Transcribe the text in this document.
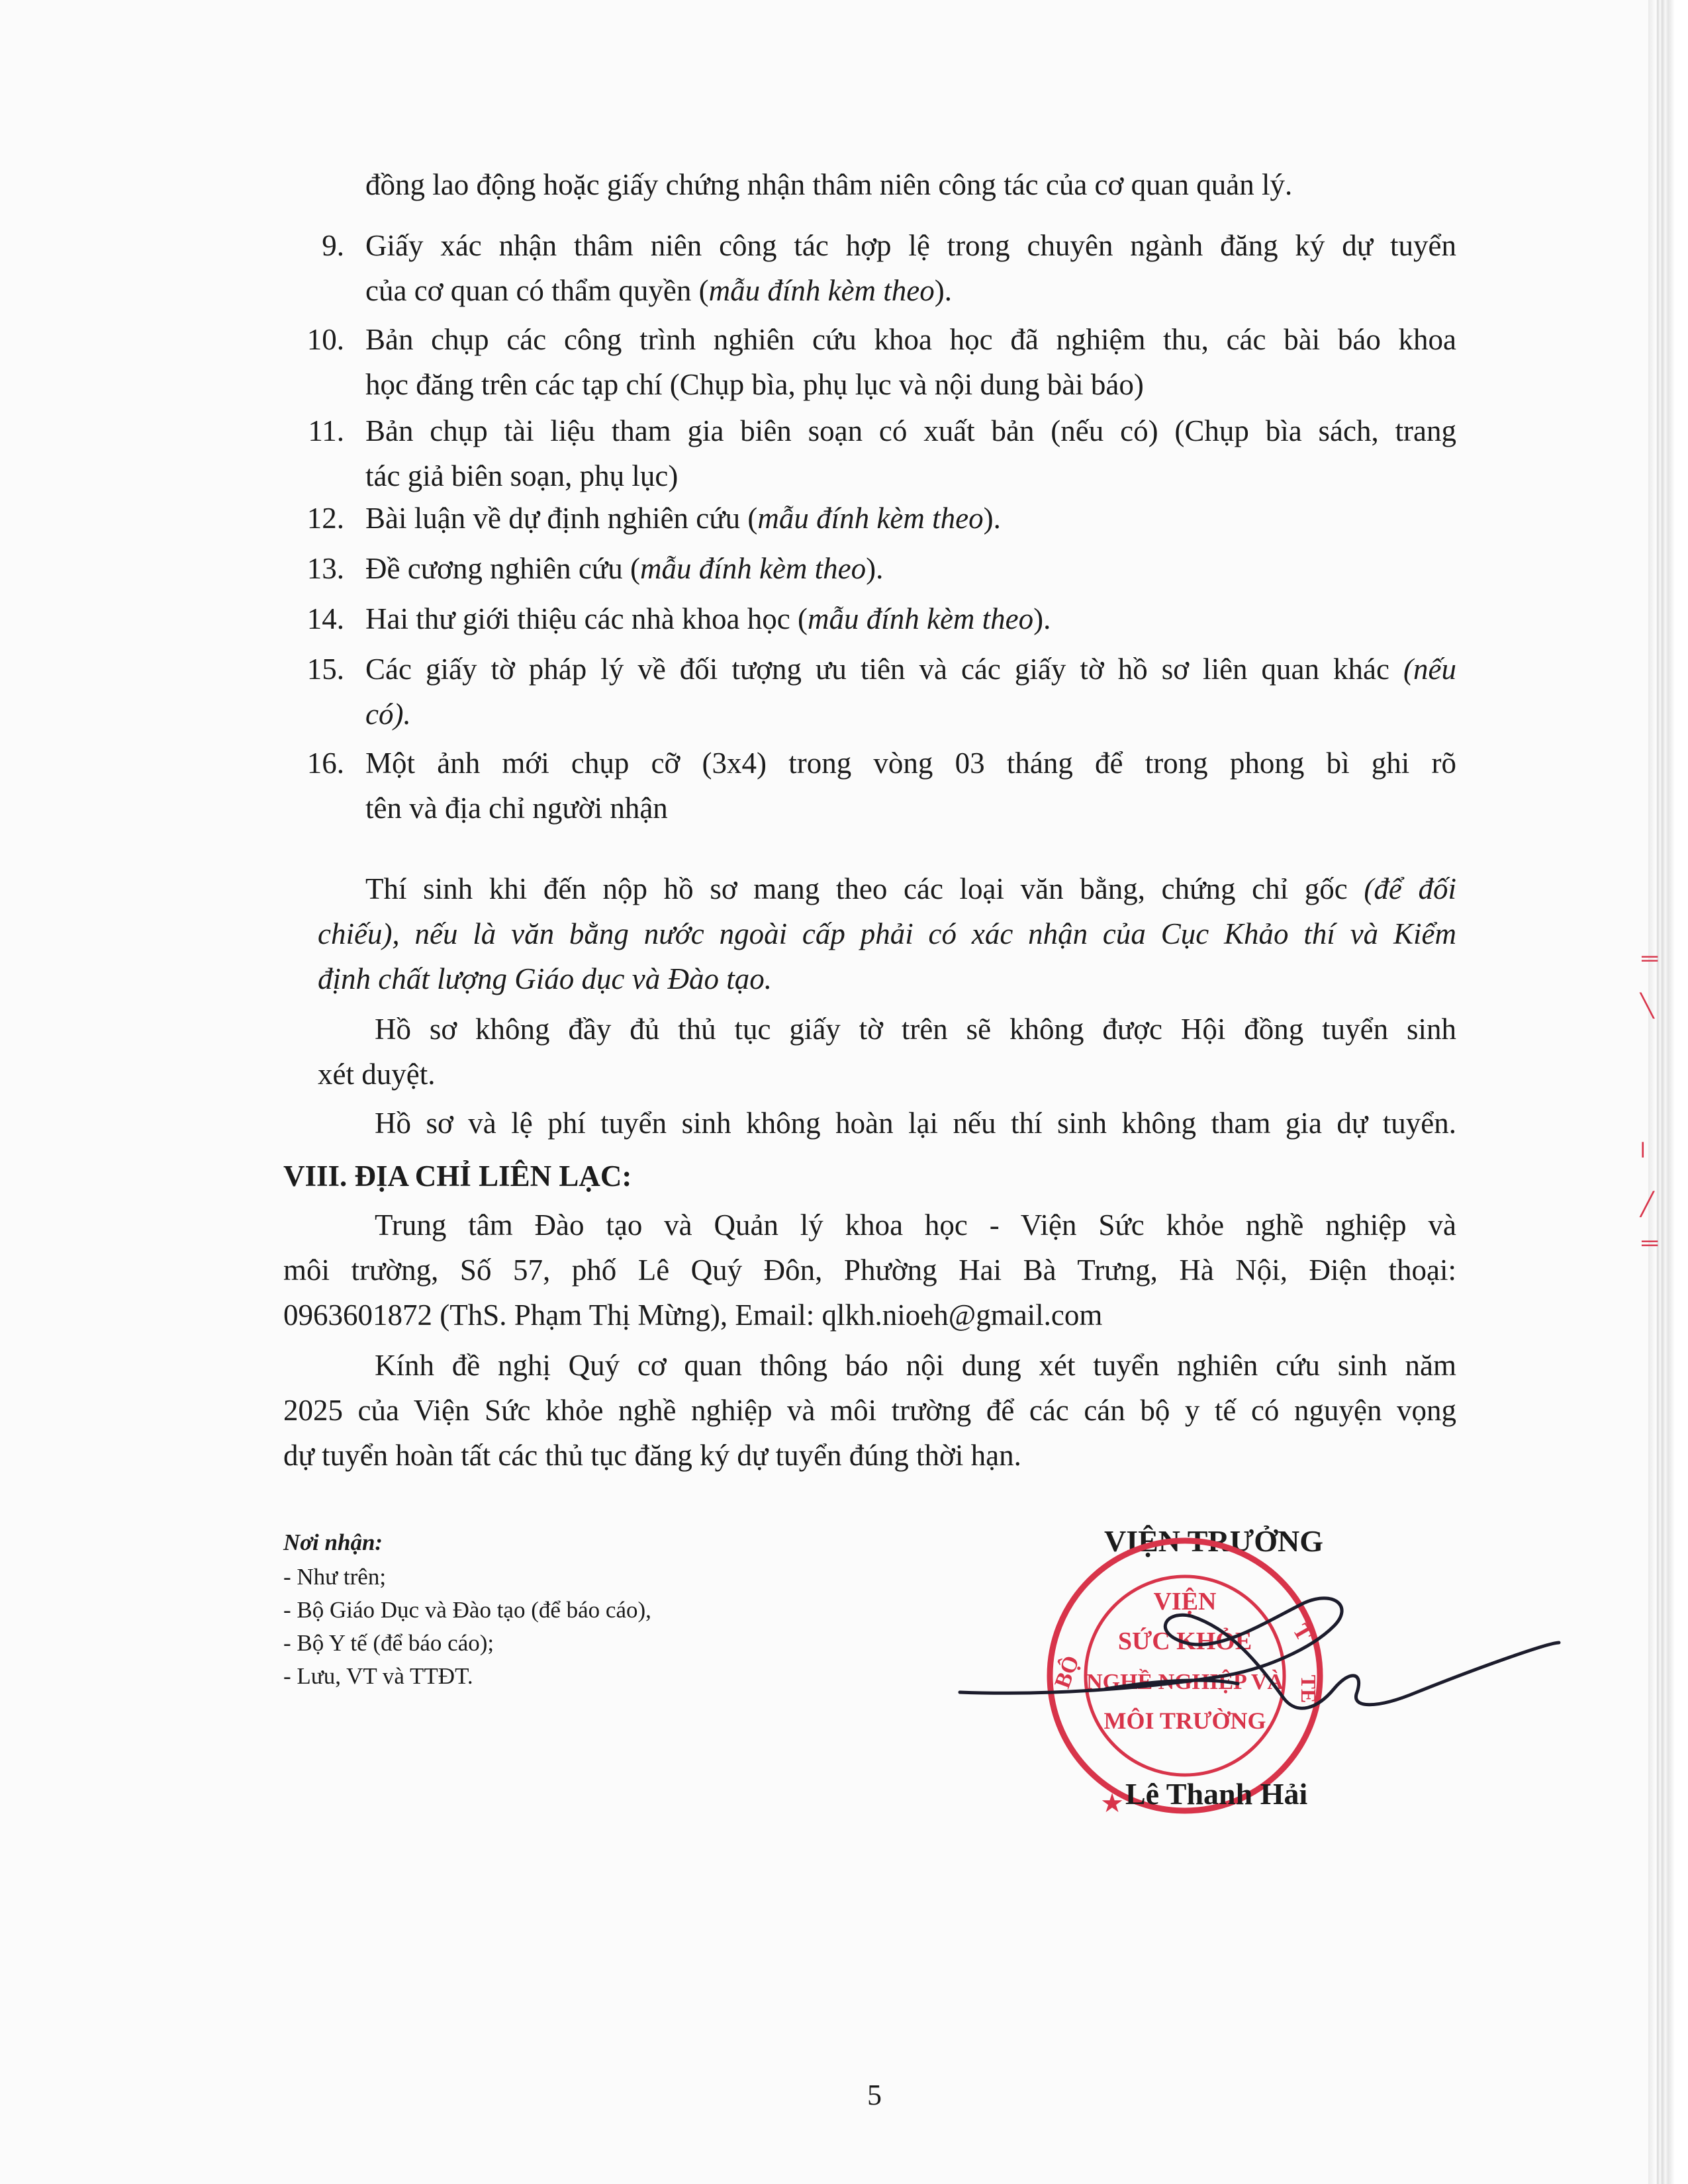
đồng lao động hoặc giấy chứng nhận thâm niên công tác của cơ quan quản lý.
9. Giấy xác nhận thâm niên công tác hợp lệ trong chuyên ngành đăng ký dự tuyển
của cơ quan có thẩm quyền (mẫu đính kèm theo).
10. Bản chụp các công trình nghiên cứu khoa học đã nghiệm thu, các bài báo khoa
học đăng trên các tạp chí (Chụp bìa, phụ lục và nội dung bài báo)
11. Bản chụp tài liệu tham gia biên soạn có xuất bản (nếu có) (Chụp bìa sách, trang
tác giả biên soạn, phụ lục)
12. Bài luận về dự định nghiên cứu (mẫu đính kèm theo).
13. Đề cương nghiên cứu (mẫu đính kèm theo).
14. Hai thư giới thiệu các nhà khoa học (mẫu đính kèm theo).
15. Các giấy tờ pháp lý về đối tượng ưu tiên và các giấy tờ hồ sơ liên quan khác (nếu
có).
16. Một ảnh mới chụp cỡ (3x4) trong vòng 03 tháng để trong phong bì ghi rõ
tên và địa chỉ người nhận
Thí sinh khi đến nộp hồ sơ mang theo các loại văn bằng, chứng chỉ gốc (để đối
chiếu), nếu là văn bằng nước ngoài cấp phải có xác nhận của Cục Khảo thí và Kiểm
định chất lượng Giáo dục và Đào tạo.
Hồ sơ không đầy đủ thủ tục giấy tờ trên sẽ không được Hội đồng tuyển sinh
xét duyệt.
Hồ sơ và lệ phí tuyển sinh không hoàn lại nếu thí sinh không tham gia dự tuyển.
VIII. ĐỊA CHỈ LIÊN LẠC:
Trung tâm Đào tạo và Quản lý khoa học - Viện Sức khỏe nghề nghiệp và
môi trường, Số 57, phố Lê Quý Đôn, Phường Hai Bà Trưng, Hà Nội, Điện thoại:
0963601872 (ThS. Phạm Thị Mừng), Email: qlkh.nioeh@gmail.com
Kính đề nghị Quý cơ quan thông báo nội dung xét tuyển nghiên cứu sinh năm
2025 của Viện Sức khỏe nghề nghiệp và môi trường để các cán bộ y tế có nguyện vọng
dự tuyển hoàn tất các thủ tục đăng ký dự tuyển đúng thời hạn.
Nơi nhận:
- Như trên;
- Bộ Giáo Dục và Đào tạo (để báo cáo),
- Bộ Y tế (để báo cáo);
- Lưu, VT và TTĐT.
VIỆN TRƯỞNG
VIỆN
SỨC KHỎE
NGHỀ NGHIỆP VÀ
MÔI TRƯỜNG
BỘ
T
TẾ
★ Lê Thanh Hải
═
╲
ǀ
╱
═
5
